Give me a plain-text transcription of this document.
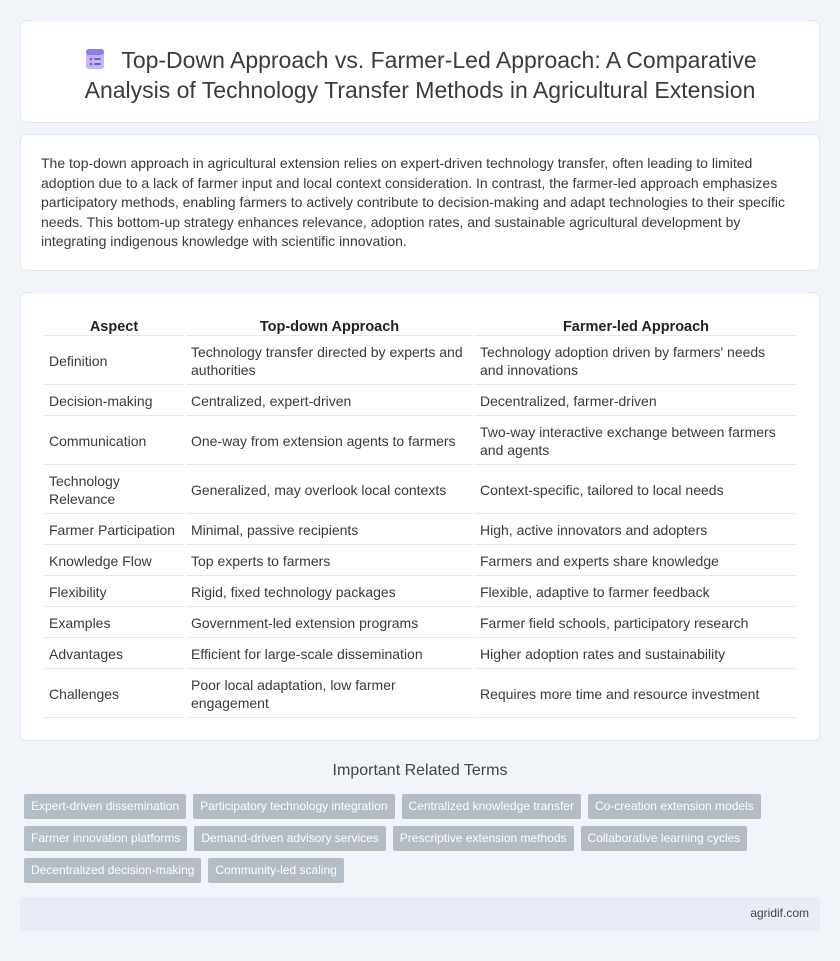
Top-Down Approach vs. Farmer-Led Approach: A Comparative Analysis of Technology Transfer Methods in Agricultural Extension

The top-down approach in agricultural extension relies on expert-driven technology transfer, often leading to limited adoption due to a lack of farmer input and local context consideration. In contrast, the farmer-led approach emphasizes participatory methods, enabling farmers to actively contribute to decision-making and adapt technologies to their specific needs. This bottom-up strategy enhances relevance, adoption rates, and sustainable agricultural development by integrating indigenous knowledge with scientific innovation.

Aspect	Top-down Approach	Farmer-led Approach
Definition	Technology transfer directed by experts and authorities	Technology adoption driven by farmers' needs and innovations
Decision-making	Centralized, expert-driven	Decentralized, farmer-driven
Communication	One-way from extension agents to farmers	Two-way interactive exchange between farmers and agents
Technology Relevance	Generalized, may overlook local contexts	Context-specific, tailored to local needs
Farmer Participation	Minimal, passive recipients	High, active innovators and adopters
Knowledge Flow	Top experts to farmers	Farmers and experts share knowledge
Flexibility	Rigid, fixed technology packages	Flexible, adaptive to farmer feedback
Examples	Government-led extension programs	Farmer field schools, participatory research
Advantages	Efficient for large-scale dissemination	Higher adoption rates and sustainability
Challenges	Poor local adaptation, low farmer engagement	Requires more time and resource investment
Important Related Terms
Expert-driven dissemination	Participatory technology integration	Centralized knowledge transfer	Co-creation extension models
Farmer innovation platforms	Demand-driven advisory services	Prescriptive extension methods	Collaborative learning cycles
Decentralized decision-making	Community-led scaling
agridif.com
